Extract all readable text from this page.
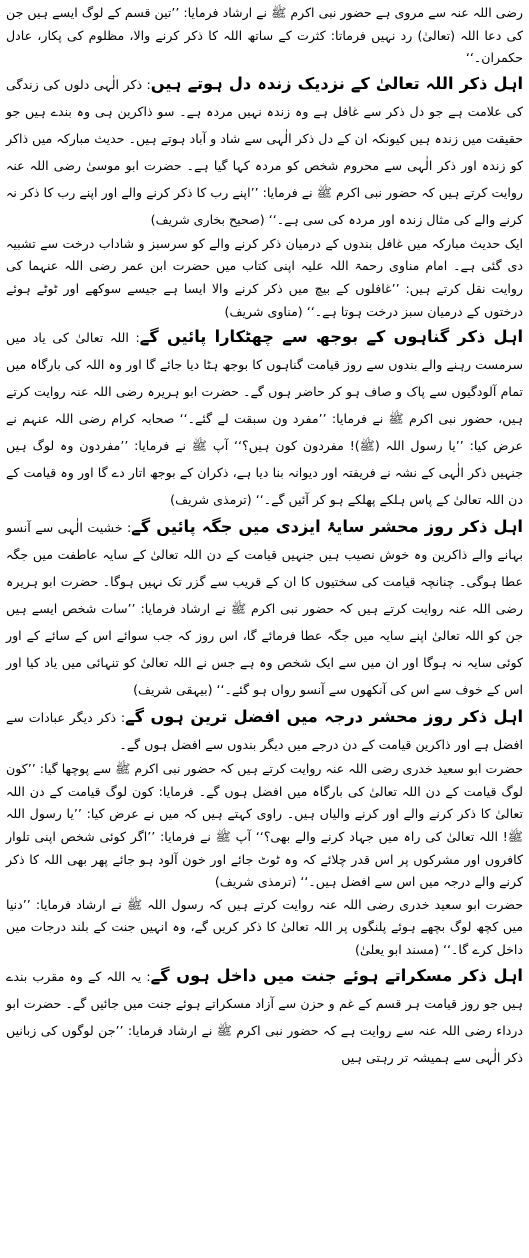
رضی اللہ عنہ سے مروی ہے حضور نبی اکرم ﷺ نے ارشاد فرمایا: ’’تین قسم کے لوگ ایسے ہیں جن کی دعا اللہ (تعالیٰ) رد نہیں فرماتا: کثرت کے ساتھ اللہ کا ذکر کرنے والا، مظلوم کی پکار، عادل حکمران۔‘‘

اہل ذکر اللہ تعالیٰ کے نزدیک زندہ دل ہوتے ہیں: ذکر الٰہی دلوں کی زندگی کی علامت ہے جو دل ذکر سے غافل ہے وہ زندہ نہیں مردہ ہے۔ سو ذاکرین ہی وہ بندے ہیں جو حقیقت میں زندہ ہیں کیونکہ ان کے دل ذکر الٰہی سے شاد و آباد ہوتے ہیں۔ حدیث مبارکہ میں ذاکر کو زندہ اور ذکر الٰہی سے محروم شخص کو مردہ کہا گیا ہے۔ حضرت ابو موسیٰ رضی اللہ عنہ روایت کرتے ہیں کہ حضور نبی اکرم ﷺ نے فرمایا: ’’اپنے رب کا ذکر کرنے والے اور اپنے رب کا ذکر نہ کرنے والے کی مثال زندہ اور مردہ کی سی ہے۔‘‘ (صحیح بخاری شریف)

ایک حدیث مبارکہ میں غافل بندوں کے درمیان ذکر کرنے والے کو سرسبز و شاداب درخت سے تشبیہ دی گئی ہے۔ امام مناوی رحمۃ اللہ علیہ اپنی کتاب میں حضرت ابن عمر رضی اللہ عنہما کی روایت نقل کرتے ہیں: ’’غافلوں کے بیچ میں ذکر کرنے والا ایسا ہے جیسے سوکھے اور ٹوٹے ہوئے درختوں کے درمیان سبز درخت ہوتا ہے۔‘‘ (مناوی شریف)

اہل ذکر گناہوں کے بوجھ سے چھٹکارا پائیں گے: اللہ تعالیٰ کی یاد میں سرمست رہنے والے بندوں سے روز قیامت گناہوں کا بوجھ ہٹا دیا جائے گا اور وہ اللہ کی بارگاہ میں تمام آلودگیوں سے پاک و صاف ہو کر حاضر ہوں گے۔ حضرت ابو ہریرہ رضی اللہ عنہ روایت کرتے ہیں، حضور نبی اکرم ﷺ نے فرمایا: ’’مفرد ون سبقت لے گئے۔‘‘ صحابہ کرام رضی اللہ عنہم نے عرض کیا: ’’یا رسول اللہ (ﷺ)! مفردون کون ہیں؟‘‘ آپ ﷺ نے فرمایا: ’’مفردون وہ لوگ ہیں جنہیں ذکر الٰہی کے نشہ نے فریفتہ اور دیوانہ بنا دیا ہے، ذکران کے بوجھ اتار دے گا اور وہ قیامت کے دن اللہ تعالیٰ کے پاس ہلکے پھلکے ہو کر آئیں گے۔‘‘ (ترمذی شریف)

اہل ذکر روز محشر سایۂ ایزدی میں جگہ پائیں گے: خشیت الٰہی سے آنسو بہانے والے ذاکرین وہ خوش نصیب ہیں جنہیں قیامت کے دن اللہ تعالیٰ کے سایہ عاطفت میں جگہ عطا ہوگی۔ چنانچہ قیامت کی سختیوں کا ان کے قریب سے گزر تک نہیں ہوگا۔ حضرت ابو ہریرہ رضی اللہ عنہ روایت کرتے ہیں کہ حضور نبی اکرم ﷺ نے ارشاد فرمایا: ’’سات شخص ایسے ہیں جن کو اللہ تعالیٰ اپنے سایہ میں جگہ عطا فرمائے گا، اس روز کہ جب سوائے اس کے سائے کے اور کوئی سایہ نہ ہوگا اور ان میں سے ایک شخص وہ ہے جس نے اللہ تعالیٰ کو تنہائی میں یاد کیا اور اس کے خوف سے اس کی آنکھوں سے آنسو رواں ہو گئے۔‘‘ (بیہقی شریف)

اہل ذکر روز محشر درجہ میں افضل ترین ہوں گے: ذکر دیگر عبادات سے افضل ہے اور ذاکرین قیامت کے دن درجے میں دیگر بندوں سے افضل ہوں گے۔

حضرت ابو سعید خدری رضی اللہ عنہ روایت کرتے ہیں کہ حضور نبی اکرم ﷺ سے پوچھا گیا: ’’کون لوگ قیامت کے دن اللہ تعالیٰ کی بارگاہ میں افضل ہوں گے۔ فرمایا: کون لوگ قیامت کے دن اللہ تعالیٰ کا ذکر کرنے والے اور کرنے والیاں ہیں۔ راوی کہتے ہیں کہ میں نے عرض کیا: ’’یا رسول اللہ ﷺ! اللہ تعالیٰ کی راہ میں جہاد کرنے والے بھی؟‘‘ آپ ﷺ نے فرمایا: ’’اگر کوئی شخص اپنی تلوار کافروں اور مشرکوں پر اس قدر چلائے کہ وہ ٹوٹ جائے اور خون آلود ہو جائے پھر بھی اللہ کا ذکر کرنے والے درجہ میں اس سے افضل ہیں۔‘‘ (ترمذی شریف)

حضرت ابو سعید خدری رضی اللہ عنہ روایت کرتے ہیں کہ رسول اللہ ﷺ نے ارشاد فرمایا: ’’دنیا میں کچھ لوگ بچھے ہوئے پلنگوں پر اللہ تعالیٰ کا ذکر کریں گے، وہ انہیں جنت کے بلند درجات میں داخل کرے گا۔‘‘ (مسند ابو یعلیٰ)

اہل ذکر مسکراتے ہوئے جنت میں داخل ہوں گے: یہ اللہ کے وہ مقرب بندے ہیں جو روز قیامت ہر قسم کے غم و حزن سے آزاد مسکراتے ہوئے جنت میں جائیں گے۔ حضرت ابو درداء رضی اللہ عنہ سے روایت ہے کہ حضور نبی اکرم ﷺ نے ارشاد فرمایا: ’’جن لوگوں کی زبانیں ذکر الٰہی سے ہمیشہ تر رہتی ہیں
